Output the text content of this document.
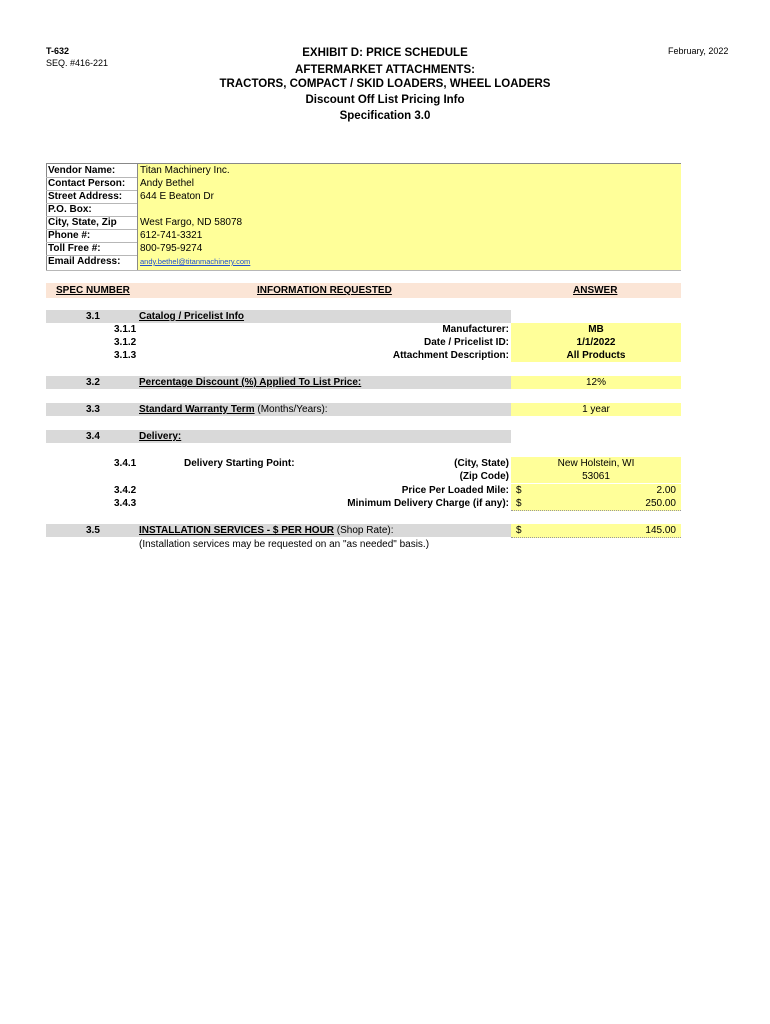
T-632
SEQ. #416-221
February, 2022
EXHIBIT D: PRICE SCHEDULE
AFTERMARKET ATTACHMENTS:
TRACTORS, COMPACT / SKID LOADERS, WHEEL LOADERS
Discount Off List Pricing Info
Specification 3.0
Vendor Name:	Titan Machinery Inc.
Contact Person:	Andy Bethel
Street Address:	644 E Beaton Dr
P.O. Box:
City, State, Zip	West Fargo, ND 58078
Phone #:	612-741-3321
Toll Free #:	800-795-9274
Email Address:	andy.bethel@titanmachinery.com
SPEC NUMBER	INFORMATION REQUESTED	ANSWER
3.1	Catalog / Pricelist Info
3.1.1	Manufacturer:	MB
3.1.2	Date / Pricelist ID:	1/1/2022
3.1.3	Attachment Description:	All Products
3.2	Percentage Discount (%) Applied To List Price:	12%
3.3	Standard Warranty Term (Months/Years):	1 year
3.4	Delivery:
3.4.1	Delivery Starting Point:	(City, State)	New Holstein, WI
(Zip Code)	53061
3.4.2	Price Per Loaded Mile: $	2.00
3.4.3	Minimum Delivery Charge (if any): $	250.00
3.5	INSTALLATION SERVICES - $ PER HOUR (Shop Rate):	$	145.00
(Installation services may be requested on an "as needed" basis.)
